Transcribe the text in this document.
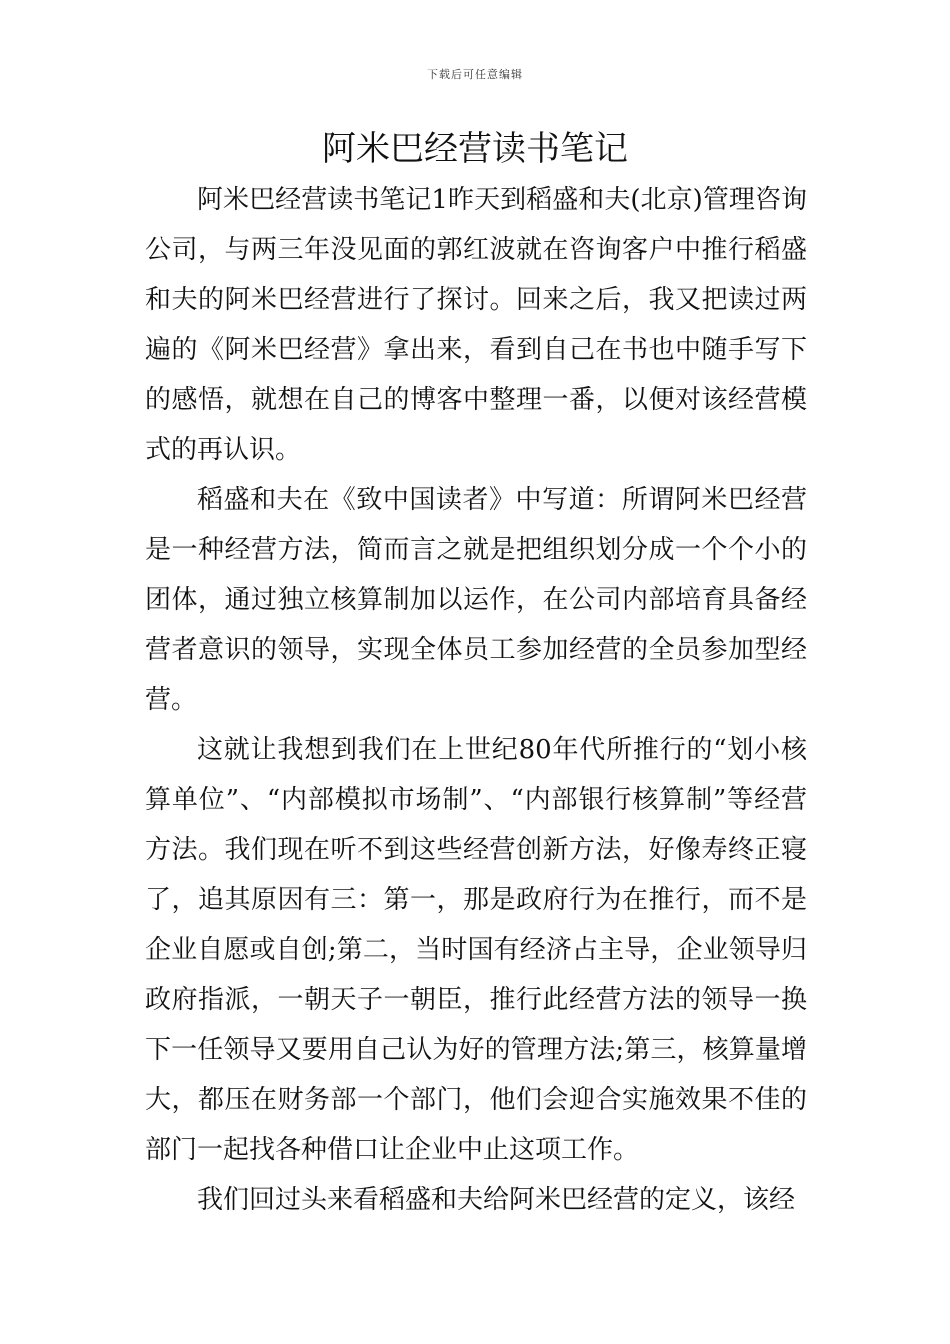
下载后可任意编辑
阿米巴经营读书笔记

阿米巴经营读书笔记1昨天到稻盛和夫(北京)管理咨询公司，与两三年没见面的郭红波就在咨询客户中推行稻盛和夫的阿米巴经营进行了探讨。回来之后，我又把读过两遍的《阿米巴经营》拿出来，看到自己在书也中随手写下的感悟，就想在自己的博客中整理一番，以便对该经营模式的再认识。

稻盛和夫在《致中国读者》中写道：所谓阿米巴经营是一种经营方法，简而言之就是把组织划分成一个个小的团体，通过独立核算制加以运作，在公司内部培育具备经营者意识的领导，实现全体员工参加经营的全员参加型经营。

这就让我想到我们在上世纪80年代所推行的“划小核算单位”、“内部模拟市场制”、“内部银行核算制”等经营方法。我们现在听不到这些经营创新方法，好像寿终正寝了，追其原因有三：第一，那是政府行为在推行，而不是企业自愿或自创;第二，当时国有经济占主导，企业领导归政府指派，一朝天子一朝臣，推行此经营方法的领导一换下一任领导又要用自己认为好的管理方法;第三，核算量增大，都压在财务部一个部门，他们会迎合实施效果不佳的部门一起找各种借口让企业中止这项工作。

我们回过头来看稻盛和夫给阿米巴经营的定义，该经
